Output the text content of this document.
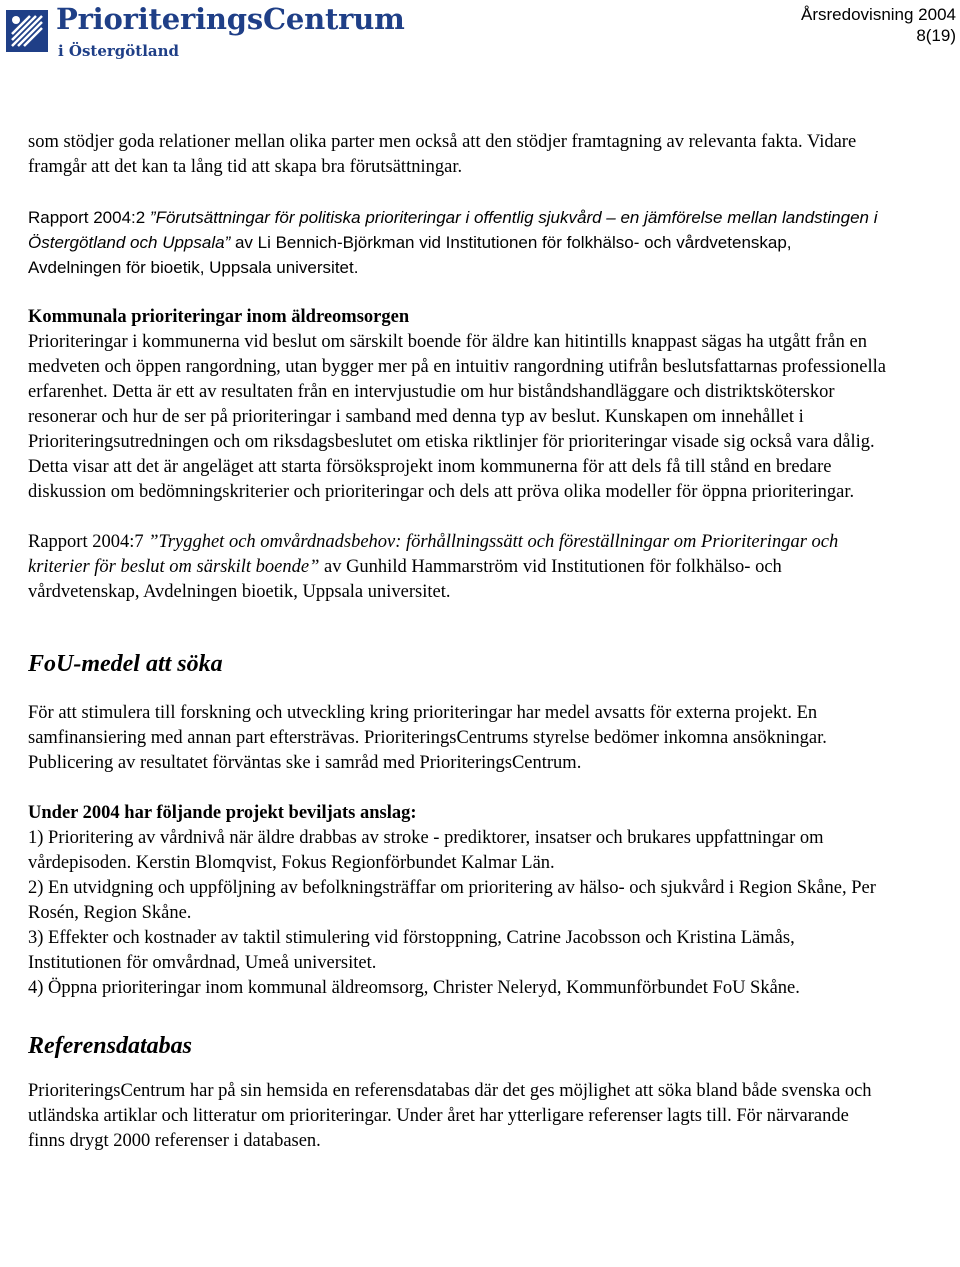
PrioriteringsCentrum
i Östergötland
Årsredovisning 2004
8(19)

som stödjer goda relationer mellan olika parter men också att den stödjer framtagning av relevanta fakta. Vidare framgår att det kan ta lång tid att skapa bra förutsättningar.

Rapport 2004:2 ”Förutsättningar för politiska prioriteringar i offentlig sjukvård – en jämförelse mellan landstingen i Östergötland och Uppsala” av Li Bennich-Björkman vid Institutionen för folkhälso- och vårdvetenskap, Avdelningen för bioetik, Uppsala universitet.

Kommunala prioriteringar inom äldreomsorgen

Prioriteringar i kommunerna vid beslut om särskilt boende för äldre kan hitintills knappast sägas ha utgått från en medveten och öppen rangordning, utan bygger mer på en intuitiv rangordning utifrån beslutsfattarnas professionella erfarenhet. Detta är ett av resultaten från en intervjustudie om hur biståndshandläggare och distriktsköterskor resonerar och hur de ser på prioriteringar i samband med denna typ av beslut. Kunskapen om innehållet i Prioriteringsutredningen och om riksdagsbeslutet om etiska riktlinjer för prioriteringar visade sig också vara dålig. Detta visar att det är angeläget att starta försöksprojekt inom kommunerna för att dels få till stånd en bredare diskussion om bedömningskriterier och prioriteringar och dels att pröva olika modeller för öppna prioriteringar.

Rapport 2004:7 ”Trygghet och omvårdnadsbehov: förhållningssätt och föreställningar om Prioriteringar och kriterier för beslut om särskilt boende” av Gunhild Hammarström vid Institutionen för folkhälso- och vårdvetenskap, Avdelningen bioetik, Uppsala universitet.

FoU-medel att söka

För att stimulera till forskning och utveckling kring prioriteringar har medel avsatts för externa projekt. En samfinansiering med annan part eftersträvas. PrioriteringsCentrums styrelse bedömer inkomna ansökningar. Publicering av resultatet förväntas ske i samråd med PrioriteringsCentrum.

Under 2004 har följande projekt beviljats anslag:

1) Prioritering av vårdnivå när äldre drabbas av stroke - prediktorer, insatser och brukares uppfattningar om vårdepisoden. Kerstin Blomqvist, Fokus Regionförbundet Kalmar Län.

2) En utvidgning och uppföljning av befolkningsträffar om prioritering av hälso- och sjukvård i Region Skåne, Per Rosén, Region Skåne.

3) Effekter och kostnader av taktil stimulering vid förstoppning, Catrine Jacobsson och Kristina Lämås, Institutionen för omvårdnad, Umeå universitet.

4) Öppna prioriteringar inom kommunal äldreomsorg, Christer Neleryd, Kommunförbundet FoU Skåne.

Referensdatabas

PrioriteringsCentrum har på sin hemsida en referensdatabas där det ges möjlighet att söka bland både svenska och utländska artiklar och litteratur om prioriteringar. Under året har ytterligare referenser lagts till. För närvarande finns drygt 2000 referenser i databasen.
